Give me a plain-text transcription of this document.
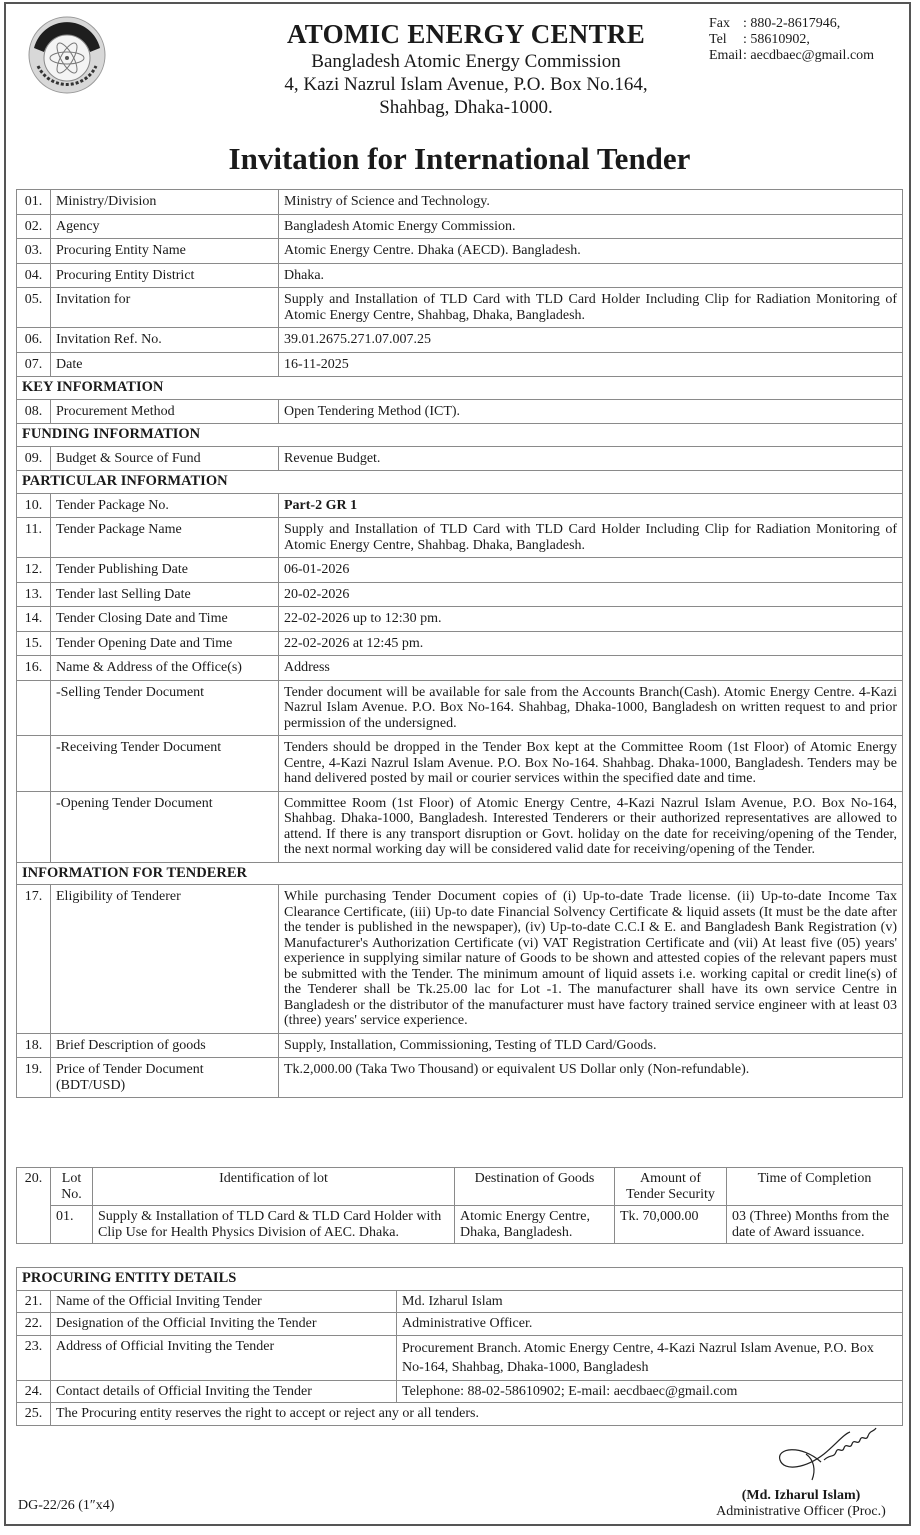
ATOMIC ENERGY CENTRE
Bangladesh Atomic Energy Commission
4, Kazi Nazrul Islam Avenue, P.O. Box No.164,
Shahbag, Dhaka-1000.
Fax : 880-2-8617946,
Tel	: 58610902,
Email : aecdbaec@gmail.com
Invitation for International Tender
01.	Ministry/Division	Ministry of Science and Technology.
02.	Agency	Bangladesh Atomic Energy Commission.
03.	Procuring Entity Name	Atomic Energy Centre. Dhaka (AECD). Bangladesh.
04.	Procuring Entity District	Dhaka.
05.	Invitation for	Supply and Installation of TLD Card with TLD Card Holder Including Clip for Radiation Monitoring of Atomic Energy Centre, Shahbag, Dhaka, Bangladesh.
06.	Invitation Ref. No.	39.01.2675.271.07.007.25
07.	Date	16-11-2025
KEY INFORMATION		
08.	Procurement Method	Open Tendering Method (ICT).
FUNDING INFORMATION		
09.	Budget & Source of Fund	Revenue Budget.
PARTICULAR INFORMATION		
10.	Tender Package No.	Part-2 GR 1
11.	Tender Package Name	Supply and Installation of TLD Card with TLD Card Holder Including Clip for Radiation Monitoring of Atomic Energy Centre, Shahbag. Dhaka, Bangladesh.
12.	Tender Publishing Date	06-01-2026
13.	Tender last Selling Date	20-02-2026
14.	Tender Closing Date and Time	22-02-2026 up to 12:30 pm.
15.	Tender Opening Date and Time	22-02-2026 at 12:45 pm.
16.	Name & Address of the Office(s)	Address
	-Selling Tender Document	Tender document will be available for sale from the Accounts Branch(Cash). Atomic Energy Centre. 4-Kazi Nazrul Islam Avenue. P.O. Box No-164. Shahbag, Dhaka-1000, Bangladesh on written request to and prior permission of the undersigned.
	-Receiving Tender Document	Tenders should be dropped in the Tender Box kept at the Committee Room (1st Floor) of Atomic Energy Centre, 4-Kazi Nazrul Islam Avenue. P.O. Box No-164. Shahbag. Dhaka-1000, Bangladesh. Tenders may be hand delivered posted by mail or courier services within the specified date and time.
	-Opening Tender Document	Committee Room (1st Floor) of Atomic Energy Centre, 4-Kazi Nazrul Islam Avenue, P.O. Box No-164, Shahbag. Dhaka-1000, Bangladesh. Interested Tenderers or their authorized representatives are allowed to attend. If there is any transport disruption or Govt. holiday on the date for receiving/opening of the Tender, the next normal working day will be considered valid date for receiving/opening of the Tender.
INFORMATION FOR TENDERER		
17.	Eligibility of Tenderer	While purchasing Tender Document copies of (i) Up-to-date Trade license. (ii) Up-to-date Income Tax Clearance Certificate, (iii) Up-to date Financial Solvency Certificate & liquid assets (It must be the date after the tender is published in the newspaper), (iv) Up-to-date C.C.I & E. and Bangladesh Bank Registration (v) Manufacturer's Authorization Certificate (vi) VAT Registration Certificate and (vii) At least five (05) years' experience in supplying similar nature of Goods to be shown and attested copies of the relevant papers must be submitted with the Tender. The minimum amount of liquid assets i.e. working capital or credit line(s) of the Tenderer shall be Tk.25.00 lac for Lot -1. The manufacturer shall have its own service Centre in Bangladesh or the distributor of the manufacturer must have factory trained service engineer with at least 03 (three) years' service experience.
18.	Brief Description of goods	Supply, Installation, Commissioning, Testing of TLD Card/Goods.
19.	Price of Tender Document (BDT/USD)	Tk.2,000.00 (Taka Two Thousand) or equivalent US Dollar only (Non-refundable).
20.	Lot No.	Identification of lot	Destination of Goods	Amount of Tender Security	Time of Completion
	01.	Supply & Installation of TLD Card & TLD Card Holder with Clip Use for Health Physics Division of AEC. Dhaka.	Atomic Energy Centre, Dhaka, Bangladesh.	Tk. 70,000.00	03 (Three) Months from the date of Award issuance.
PROCURING ENTITY DETAILS		
21.	Name of the Official Inviting Tender	Md. Izharul Islam
22.	Designation of the Official Inviting the Tender	Administrative Officer.
23.	Address of Official Inviting the Tender	Procurement Branch. Atomic Energy Centre, 4-Kazi Nazrul Islam Avenue, P.O. Box No-164, Shahbag, Dhaka-1000, Bangladesh
24.	Contact details of Official Inviting the Tender	Telephone: 88-02-58610902; E-mail: aecdbaec@gmail.com
25.	The Procuring entity reserves the right to accept or reject any or all tenders.	
DG-22/26 (1″x4)
(Md. Izharul Islam)
Administrative Officer (Proc.)
